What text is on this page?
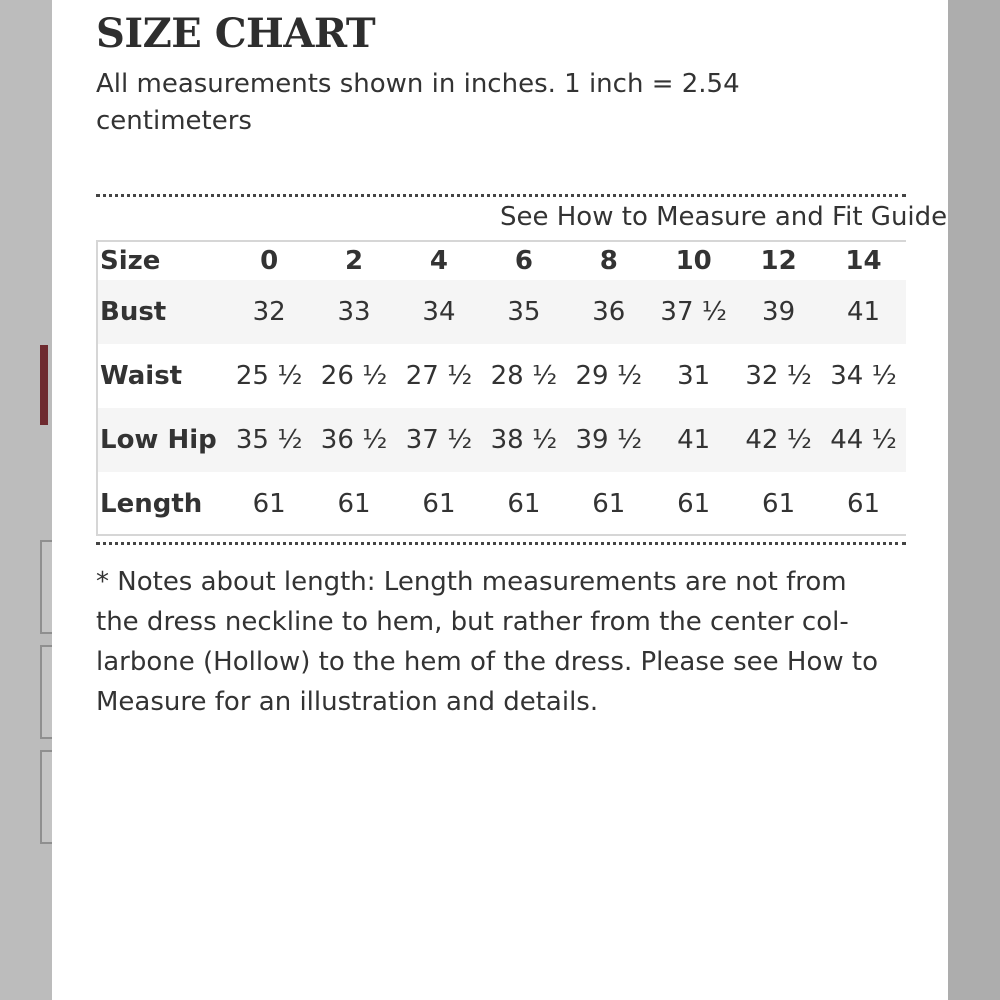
SIZE CHART

All measurements shown in inches. 1 inch = 2.54 centimeters

See How to Measure and Fit Guide
Size	0	2	4	6	8	10	12	14
Bust	32	33	34	35	36	37 ½	39	41
Waist	25 ½	26 ½	27 ½	28 ½	29 ½	31	32 ½	34 ½
Low Hip	35 ½	36 ½	37 ½	38 ½	39 ½	41	42 ½	44 ½
Length	61	61	61	61	61	61	61	61

* Notes about length: Length measurements are not from the dress neckline to hem, but rather from the center col- larbone (Hollow) to the hem of the dress. Please see How to Measure for an illustration and details.
